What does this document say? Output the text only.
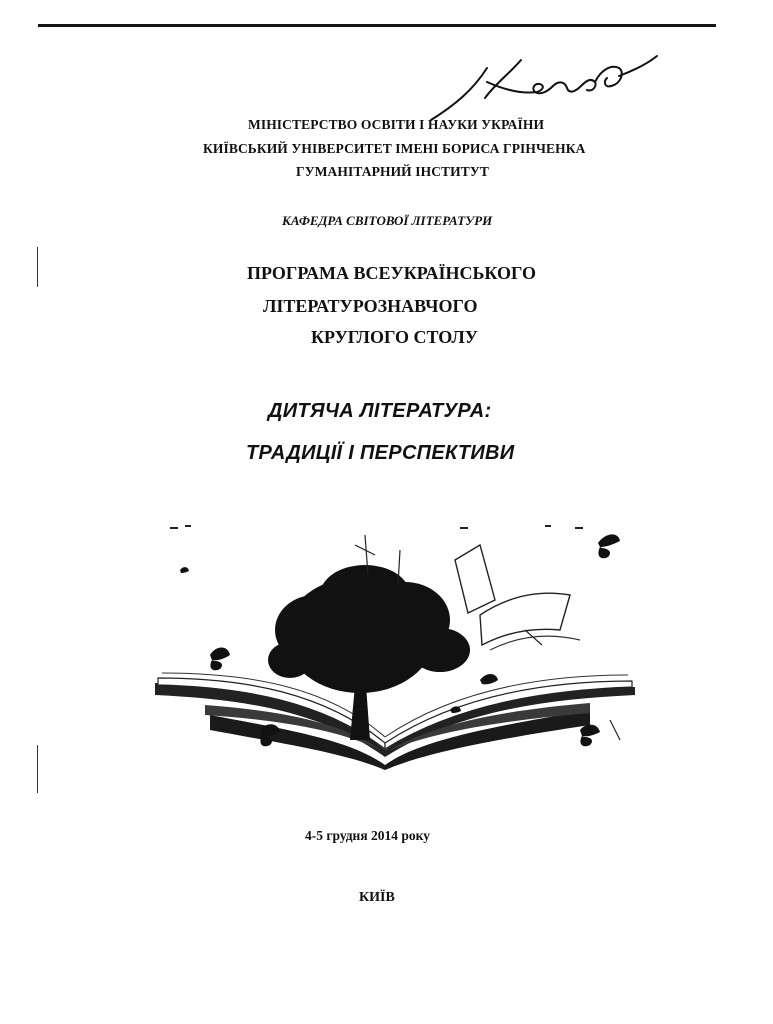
МІНІСТЕРСТВО ОСВІТИ І НАУКИ УКРАЇНИ
КИЇВСЬКИЙ УНІВЕРСИТЕТ ІМЕНІ БОРИСА ГРІНЧЕНКА
ГУМАНІТАРНИЙ ІНСТИТУТ
КАФЕДРА СВІТОВОЇ ЛІТЕРАТУРИ
ПРОГРАМА ВСЕУКРАЇНСЬКОГО
ЛІТЕРАТУРОЗНАВЧОГО
КРУГЛОГО СТОЛУ
ДИТЯЧА ЛІТЕРАТУРА:
ТРАДИЦІЇ І ПЕРСПЕКТИВИ
4-5 грудня 2014 року
КИЇВ
